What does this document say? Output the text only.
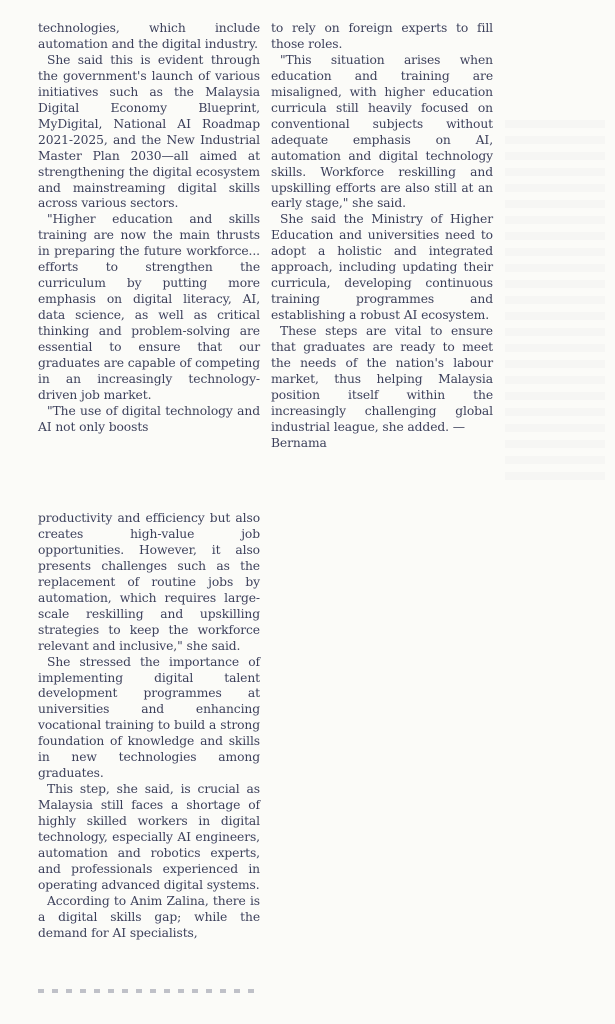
technologies, which include automation and the digital industry.

She said this is evident through the government's launch of various initiatives such as the Malaysia Digital Economy Blueprint, MyDigital, National AI Roadmap 2021-2025, and the New Industrial Master Plan 2030—all aimed at strengthening the digital ecosystem and mainstreaming digital skills across various sectors.

"Higher education and skills training are now the main thrusts in preparing the future workforce... efforts to strengthen the curriculum by putting more emphasis on digital literacy, AI, data science, as well as critical thinking and problem-solving are essential to ensure that our graduates are capable of competing in an increasingly technology-driven job market.

"The use of digital technology and AI not only boosts

productivity and efficiency but also creates high-value job opportunities. However, it also presents challenges such as the replacement of routine jobs by automation, which requires large-scale reskilling and upskilling strategies to keep the workforce relevant and inclusive," she said.

She stressed the importance of implementing digital talent development programmes at universities and enhancing vocational training to build a strong foundation of knowledge and skills in new technologies among graduates.

This step, she said, is crucial as Malaysia still faces a shortage of highly skilled workers in digital technology, especially AI engineers, automation and robotics experts, and professionals experienced in operating advanced digital systems.

According to Anim Zalina, there is a digital skills gap; while the demand for AI specialists,

to rely on foreign experts to fill those roles.

"This situation arises when education and training are misaligned, with higher education curricula still heavily focused on conventional subjects without adequate emphasis on AI, automation and digital technology skills. Workforce reskilling and upskilling efforts are also still at an early stage," she said.

She said the Ministry of Higher Education and universities need to adopt a holistic and integrated approach, including updating their curricula, developing continuous training programmes and establishing a robust AI ecosystem.

These steps are vital to ensure that graduates are ready to meet the needs of the nation's labour market, thus helping Malaysia position itself within the increasingly challenging global industrial league, she added. —

Bernama
